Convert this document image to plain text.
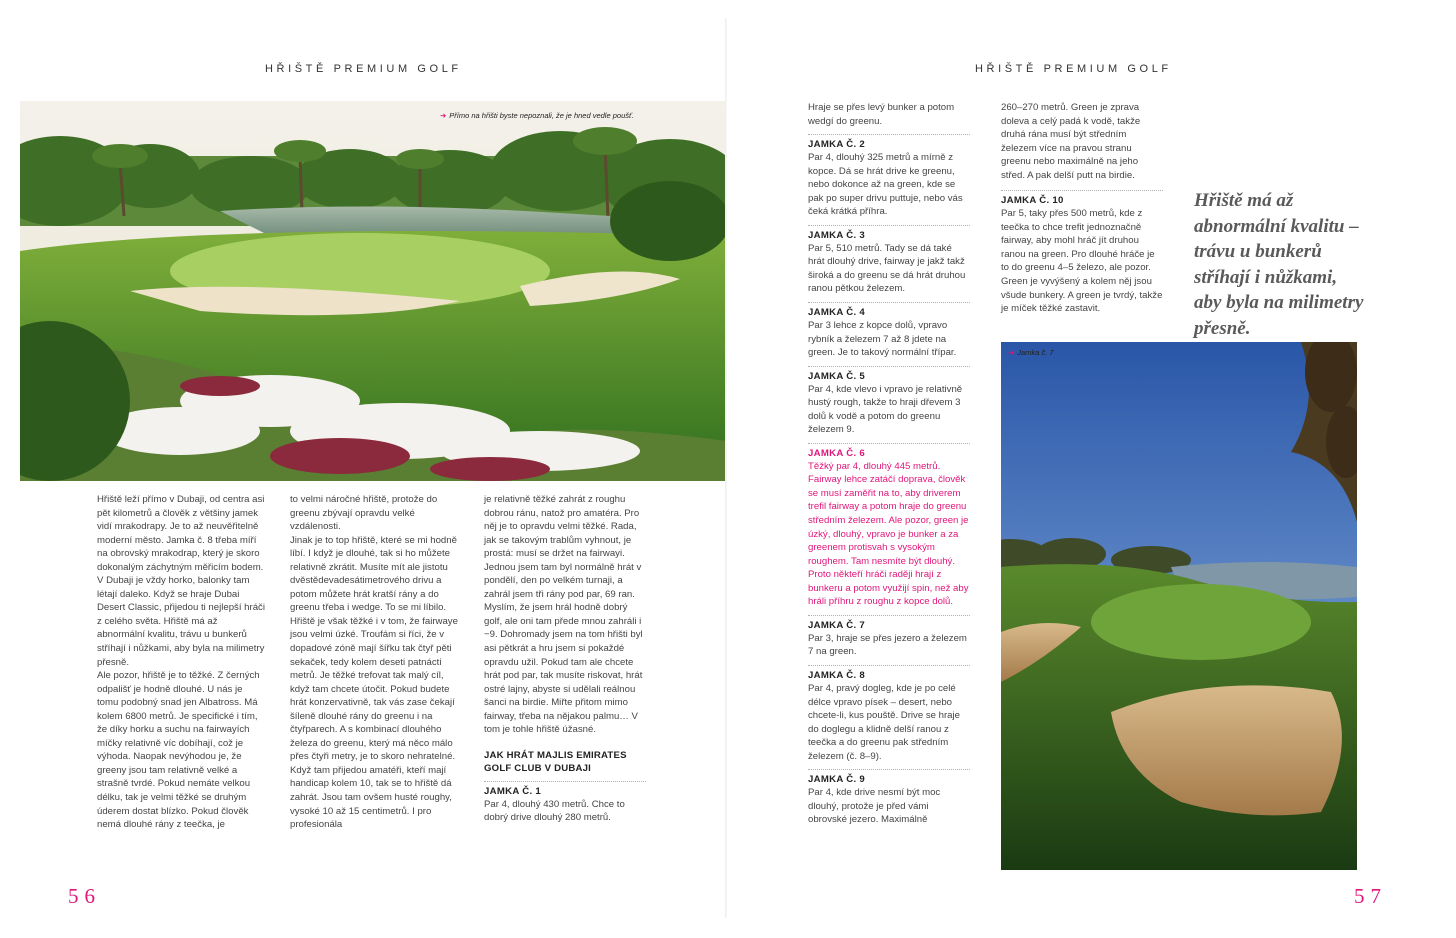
HŘIŠTĚ PREMIUM GOLF
➜ Přímo na hřišti byste nepoznali, že je hned vedle poušť.

Hřiště leží přímo v Dubaji, od centra asi pět kilometrů a člověk z většiny jamek vidí mrakodrapy. Je to až neuvěřitelně moderní město. Jamka č. 8 třeba míří na obrovský mrakodrap, který je skoro dokonalým záchytným měřicím bodem.

V Dubaji je vždy horko, balonky tam létají daleko. Když se hraje Dubai Desert Classic, přijedou ti nejlepší hráči z celého světa. Hřiště má až abnormální kvalitu, trávu u bunkerů stříhají i nůžkami, aby byla na milimetry přesně.

Ale pozor, hřiště je to těžké. Z černých odpališť je hodně dlouhé. U nás je tomu podobný snad jen Albatross. Má kolem 6800 metrů. Je specifické i tím, že díky horku a suchu na fairwayích míčky relativně víc dobíhají, což je výhoda. Naopak nevýhodou je, že greeny jsou tam relativně velké a strašně tvrdé. Pokud nemáte velkou délku, tak je velmi těžké se druhým úderem dostat blízko. Pokud člověk nemá dlouhé rány z teečka, je

to velmi náročné hřiště, protože do greenu zbývají opravdu velké vzdálenosti.

Jinak je to top hřiště, které se mi hodně líbí. I když je dlouhé, tak si ho můžete relativně zkrátit. Musíte mít ale jistotu dvěstědevadesátimetrového drivu a potom můžete hrát kratší rány a do greenu třeba i wedge. To se mi líbilo. Hřiště je však těžké i v tom, že fairwaye jsou velmi úzké. Troufám si říci, že v dopadové zóně mají šířku tak čtyř pěti sekaček, tedy kolem deseti patnácti metrů. Je těžké trefovat tak malý cíl, když tam chcete útočit. Pokud budete hrát konzervativně, tak vás zase čekají šíleně dlouhé rány do greenu i na čtyřparech. A s kombinací dlouhého železa do greenu, který má něco málo přes čtyři metry, je to skoro nehratelné.

Když tam přijedou amatéři, kteří mají handicap kolem 10, tak se to hřiště dá zahrát. Jsou tam ovšem husté roughy, vysoké 10 až 15 centimetrů. I pro profesionála

je relativně těžké zahrát z roughu dobrou ránu, natož pro amatéra. Pro něj je to opravdu velmi těžké. Rada, jak se takovým trablům vyhnout, je prostá: musí se držet na fairwayi.

Jednou jsem tam byl normálně hrát v pondělí, den po velkém turnaji, a zahrál jsem tři rány pod par, 69 ran. Myslím, že jsem hrál hodně dobrý golf, ale oni tam přede mnou zahráli i −9. Dohromady jsem na tom hřišti byl asi pětkrát a hru jsem si pokaždé opravdu užil. Pokud tam ale chcete hrát pod par, tak musíte riskovat, hrát ostré lajny, abyste si udělali reálnou šanci na birdie. Miřte přitom mimo fairway, třeba na nějakou palmu… V tom je tohle hřiště úžasné.

JAK HRÁT MAJLIS EMIRATES GOLF CLUB V DUBAJI

JAMKA Č. 1

Par 4, dlouhý 430 metrů. Chce to dobrý drive dlouhý 280 metrů.

56
HŘIŠTĚ PREMIUM GOLF
57

Hraje se přes levý bunker a potom wedgí do greenu.

JAMKA Č. 2

Par 4, dlouhý 325 metrů a mírně z kopce. Dá se hrát drive ke greenu, nebo dokonce až na green, kde se pak po super drivu puttuje, nebo vás čeká krátká příhra.

JAMKA Č. 3

Par 5, 510 metrů. Tady se dá také hrát dlouhý drive, fairway je jakž takž široká a do greenu se dá hrát druhou ranou pětkou železem.

JAMKA Č. 4

Par 3 lehce z kopce dolů, vpravo rybník a železem 7 až 8 jdete na green. Je to takový normální třípar.

JAMKA Č. 5

Par 4, kde vlevo i vpravo je relativně hustý rough, takže to hraji dřevem 3 dolů k vodě a potom do greenu železem 9.

JAMKA Č. 6

Těžký par 4, dlouhý 445 metrů. Fairway lehce zatáčí doprava, člověk se musí zaměřit na to, aby driverem trefil fairway a potom hraje do greenu středním železem. Ale pozor, green je úzký, dlouhý, vpravo je bunker a za greenem protisvah s vysokým roughem. Tam nesmíte být dlouhý. Proto někteří hráči raději hrají z bunkeru a potom využijí spin, než aby hráli příhru z roughu z kopce dolů.

JAMKA Č. 7

Par 3, hraje se přes jezero a železem 7 na green.

JAMKA Č. 8

Par 4, pravý dogleg, kde je po celé délce vpravo písek – desert, nebo chcete-li, kus pouště. Drive se hraje do doglegu a klidně delší ranou z teečka a do greenu pak středním železem (č. 8–9).

JAMKA Č. 9

Par 4, kde drive nesmí být moc dlouhý, protože je před vámi obrovské jezero. Maximálně

260–270 metrů. Green je zprava doleva a celý padá k vodě, takže druhá rána musí být středním železem více na pravou stranu greenu nebo maximálně na jeho střed. A pak delší putt na birdie.

JAMKA Č. 10

Par 5, taky přes 500 metrů, kde z teečka to chce trefit jednoznačně fairway, aby mohl hráč jít druhou ranou na green. Pro dlouhé hráče je to do greenu 4–5 železo, ale pozor. Green je vyvýšený a kolem něj jsou všude bunkery. A green je tvrdý, takže je míček těžké zastavit.

Hřiště má až abnormální kvalitu – trávu u bunkerů stříhají i nůžkami, aby byla na milimetry přesně.
➜ Jamka č. 7
